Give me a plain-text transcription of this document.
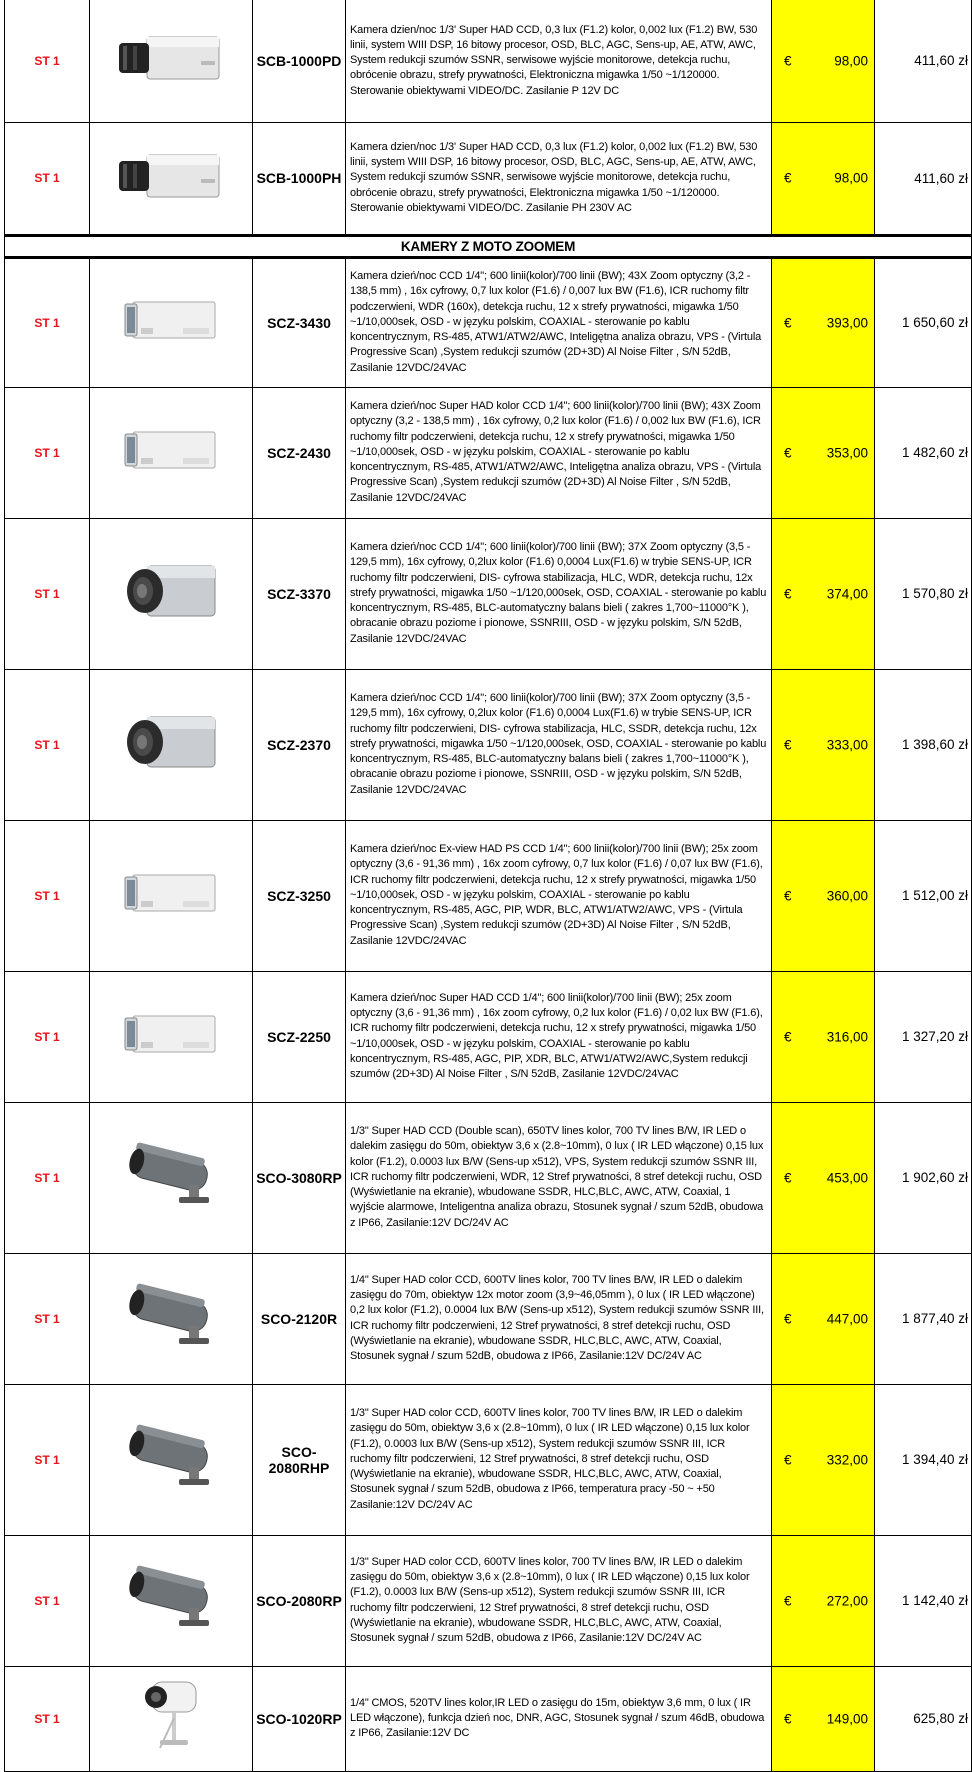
ST 1		SCB-1000PD	Kamera dzien/noc 1/3' Super HAD CCD, 0,3 lux (F1.2) kolor, 0,002 lux (F1.2) BW, 530 linii, system WIII DSP, 16 bitowy procesor, OSD, BLC, AGC, Sens-up, AE, ATW, AWC, System redukcji szumów SSNR, serwisowe wyjście monitorowe, detekcja ruchu, obrócenie obrazu, strefy prywatności, Elektroniczna migawka 1/50 ~1/120000. Sterowanie obiektywami VIDEO/DC. Zasilanie P 12V DC	€ 98,00	411,60 zł
ST 1		SCB-1000PH	Kamera dzien/noc 1/3' Super HAD CCD, 0,3 lux (F1.2) kolor, 0,002 lux (F1.2) BW, 530 linii, system WIII DSP, 16 bitowy procesor, OSD, BLC, AGC, Sens-up, AE, ATW, AWC, System redukcji szumów SSNR, serwisowe wyjście monitorowe, detekcja ruchu, obrócenie obrazu, strefy prywatności, Elektroniczna migawka 1/50 ~1/120000. Sterowanie obiektywami VIDEO/DC. Zasilanie PH 230V AC	€ 98,00	411,60 zł
KAMERY Z MOTO ZOOMEM					
ST 1		SCZ-3430	Kamera dzień/noc CCD 1/4"; 600 linii(kolor)/700 linii (BW); 43X Zoom optyczny (3,2 - 138,5 mm) , 16x cyfrowy, 0,7 lux kolor (F1.6) / 0,007 lux BW (F1.6), ICR ruchomy filtr podczerwieni, WDR (160x), detekcja ruchu, 12 x strefy prywatności, migawka 1/50 ~1/10,000sek, OSD - w języku polskim, COAXIAL - sterowanie po kablu koncentrycznym, RS-485, ATW1/ATW2/AWC, Inteligętna analiza obrazu, VPS - (Virtula Progressive Scan) ,System redukcji szumów (2D+3D) Al Noise Filter , S/N 52dB, Zasilanie 12VDC/24VAC	€ 393,00	1 650,60 zł
ST 1		SCZ-2430	Kamera dzień/noc Super HAD kolor CCD 1/4"; 600 linii(kolor)/700 linii (BW); 43X Zoom optyczny (3,2 - 138,5 mm) , 16x cyfrowy, 0,2 lux kolor (F1.6) / 0,002 lux BW (F1.6), ICR ruchomy filtr podczerwieni, detekcja ruchu, 12 x strefy prywatności, migawka 1/50 ~1/10,000sek, OSD - w języku polskim, COAXIAL - sterowanie po kablu koncentrycznym, RS-485, ATW1/ATW2/AWC, Inteligętna analiza obrazu, VPS - (Virtula Progressive Scan) ,System redukcji szumów (2D+3D) Al Noise Filter , S/N 52dB, Zasilanie 12VDC/24VAC	€ 353,00	1 482,60 zł
ST 1		SCZ-3370	Kamera dzień/noc CCD 1/4"; 600 linii(kolor)/700 linii (BW); 37X Zoom optyczny (3,5 - 129,5 mm), 16x cyfrowy, 0,2lux kolor (F1.6) 0,0004 Lux(F1.6) w trybie SENS-UP, ICR ruchomy filtr podczerwieni, DIS- cyfrowa stabilizacja, HLC, WDR, detekcja ruchu, 12x strefy prywatności, migawka 1/50 ~1/120,000sek, OSD, COAXIAL - sterowanie po kablu koncentrycznym, RS-485, BLC-automatyczny balans bieli ( zakres 1,700~11000°K ), obracanie obrazu poziome i pionowe, SSNRIII, OSD - w języku polskim, S/N 52dB, Zasilanie 12VDC/24VAC	€ 374,00	1 570,80 zł
ST 1		SCZ-2370	Kamera dzień/noc CCD 1/4"; 600 linii(kolor)/700 linii (BW); 37X Zoom optyczny (3,5 - 129,5 mm), 16x cyfrowy, 0,2lux kolor (F1.6) 0,0004 Lux(F1.6) w trybie SENS-UP, ICR ruchomy filtr podczerwieni, DIS- cyfrowa stabilizacja, HLC, SSDR, detekcja ruchu, 12x strefy prywatności, migawka 1/50 ~1/120,000sek, OSD, COAXIAL - sterowanie po kablu koncentrycznym, RS-485, BLC-automatyczny balans bieli ( zakres 1,700~11000°K ), obracanie obrazu poziome i pionowe, SSNRIII, OSD - w języku polskim, S/N 52dB, Zasilanie 12VDC/24VAC	€ 333,00	1 398,60 zł
ST 1		SCZ-3250	Kamera dzień/noc Ex-view HAD PS CCD 1/4"; 600 linii(kolor)/700 linii (BW); 25x zoom optyczny (3,6 - 91,36 mm) , 16x zoom cyfrowy, 0,7 lux kolor (F1.6) / 0,07 lux BW (F1.6), ICR ruchomy filtr podczerwieni, detekcja ruchu, 12 x strefy prywatności, migawka 1/50 ~1/10,000sek, OSD - w języku polskim, COAXIAL - sterowanie po kablu koncentrycznym, RS-485, AGC, PIP, WDR, BLC, ATW1/ATW2/AWC, VPS - (Virtula Progressive Scan) ,System redukcji szumów (2D+3D) Al Noise Filter , S/N 52dB, Zasilanie 12VDC/24VAC	€ 360,00	1 512,00 zł
ST 1		SCZ-2250	Kamera dzień/noc Super HAD CCD 1/4"; 600 linii(kolor)/700 linii (BW); 25x zoom optyczny (3,6 - 91,36 mm) , 16x zoom cyfrowy, 0,2 lux kolor (F1.6) / 0,02 lux BW (F1.6), ICR ruchomy filtr podczerwieni, detekcja ruchu, 12 x strefy prywatności, migawka 1/50 ~1/10,000sek, OSD - w języku polskim, COAXIAL - sterowanie po kablu koncentrycznym, RS-485, AGC, PIP, XDR, BLC, ATW1/ATW2/AWC,System redukcji szumów (2D+3D) Al Noise Filter , S/N 52dB, Zasilanie 12VDC/24VAC	€ 316,00	1 327,20 zł
ST 1		SCO-3080RP	1/3" Super HAD CCD (Double scan), 650TV lines kolor, 700 TV lines B/W, IR LED o dalekim zasięgu do 50m, obiektyw 3,6 x (2.8~10mm), 0 lux ( IR LED włączone) 0,15 lux kolor (F1.2), 0.0003 lux B/W (Sens-up x512), VPS, System redukcji szumów SSNR III, ICR ruchomy filtr podczerwieni, WDR, 12 Stref prywatności, 8 stref detekcji ruchu, OSD (Wyświetlanie na ekranie), wbudowane SSDR, HLC,BLC, AWC, ATW, Coaxial, 1 wyjście alarmowe, Inteligentna analiza obrazu, Stosunek sygnał / szum 52dB, obudowa z IP66, Zasilanie:12V DC/24V AC	€ 453,00	1 902,60 zł
ST 1		SCO-2120R	1/4" Super HAD color CCD, 600TV lines kolor, 700 TV lines B/W, IR LED o dalekim zasięgu do 70m, obiektyw 12x motor zoom (3,9~46,05mm ), 0 lux ( IR LED włączone) 0,2 lux kolor (F1.2), 0.0004 lux B/W (Sens-up x512), System redukcji szumów SSNR III, ICR ruchomy filtr podczerwieni, 12 Stref prywatności, 8 stref detekcji ruchu, OSD (Wyświetlanie na ekranie), wbudowane SSDR, HLC,BLC, AWC, ATW, Coaxial, Stosunek sygnał / szum 52dB, obudowa z IP66, Zasilanie:12V DC/24V AC	€ 447,00	1 877,40 zł
ST 1		SCO-2080RHP	1/3" Super HAD color CCD, 600TV lines kolor, 700 TV lines B/W, IR LED o dalekim zasięgu do 50m, obiektyw 3,6 x (2.8~10mm), 0 lux ( IR LED włączone) 0,15 lux kolor (F1.2), 0.0003 lux B/W (Sens-up x512), System redukcji szumów SSNR III, ICR ruchomy filtr podczerwieni, 12 Stref prywatności, 8 stref detekcji ruchu, OSD (Wyświetlanie na ekranie), wbudowane SSDR, HLC,BLC, AWC, ATW, Coaxial, Stosunek sygnał / szum 52dB, obudowa z IP66, temperatura pracy -50 ~ +50 Zasilanie:12V DC/24V AC	€ 332,00	1 394,40 zł
ST 1		SCO-2080RP	1/3" Super HAD color CCD, 600TV lines kolor, 700 TV lines B/W, IR LED o dalekim zasięgu do 50m, obiektyw 3,6 x (2.8~10mm), 0 lux ( IR LED włączone) 0,15 lux kolor (F1.2), 0.0003 lux B/W (Sens-up x512), System redukcji szumów SSNR III, ICR ruchomy filtr podczerwieni, 12 Stref prywatności, 8 stref detekcji ruchu, OSD (Wyświetlanie na ekranie), wbudowane SSDR, HLC,BLC, AWC, ATW, Coaxial, Stosunek sygnał / szum 52dB, obudowa z IP66, Zasilanie:12V DC/24V AC	€ 272,00	1 142,40 zł
ST 1		SCO-1020RP	1/4" CMOS, 520TV lines kolor,IR LED o zasięgu do 15m, obiektyw 3,6 mm, 0 lux ( IR LED włączone), funkcja dzień noc, DNR, AGC, Stosunek sygnał / szum 46dB, obudowa z IP66, Zasilanie:12V DC	€ 149,00	625,80 zł
